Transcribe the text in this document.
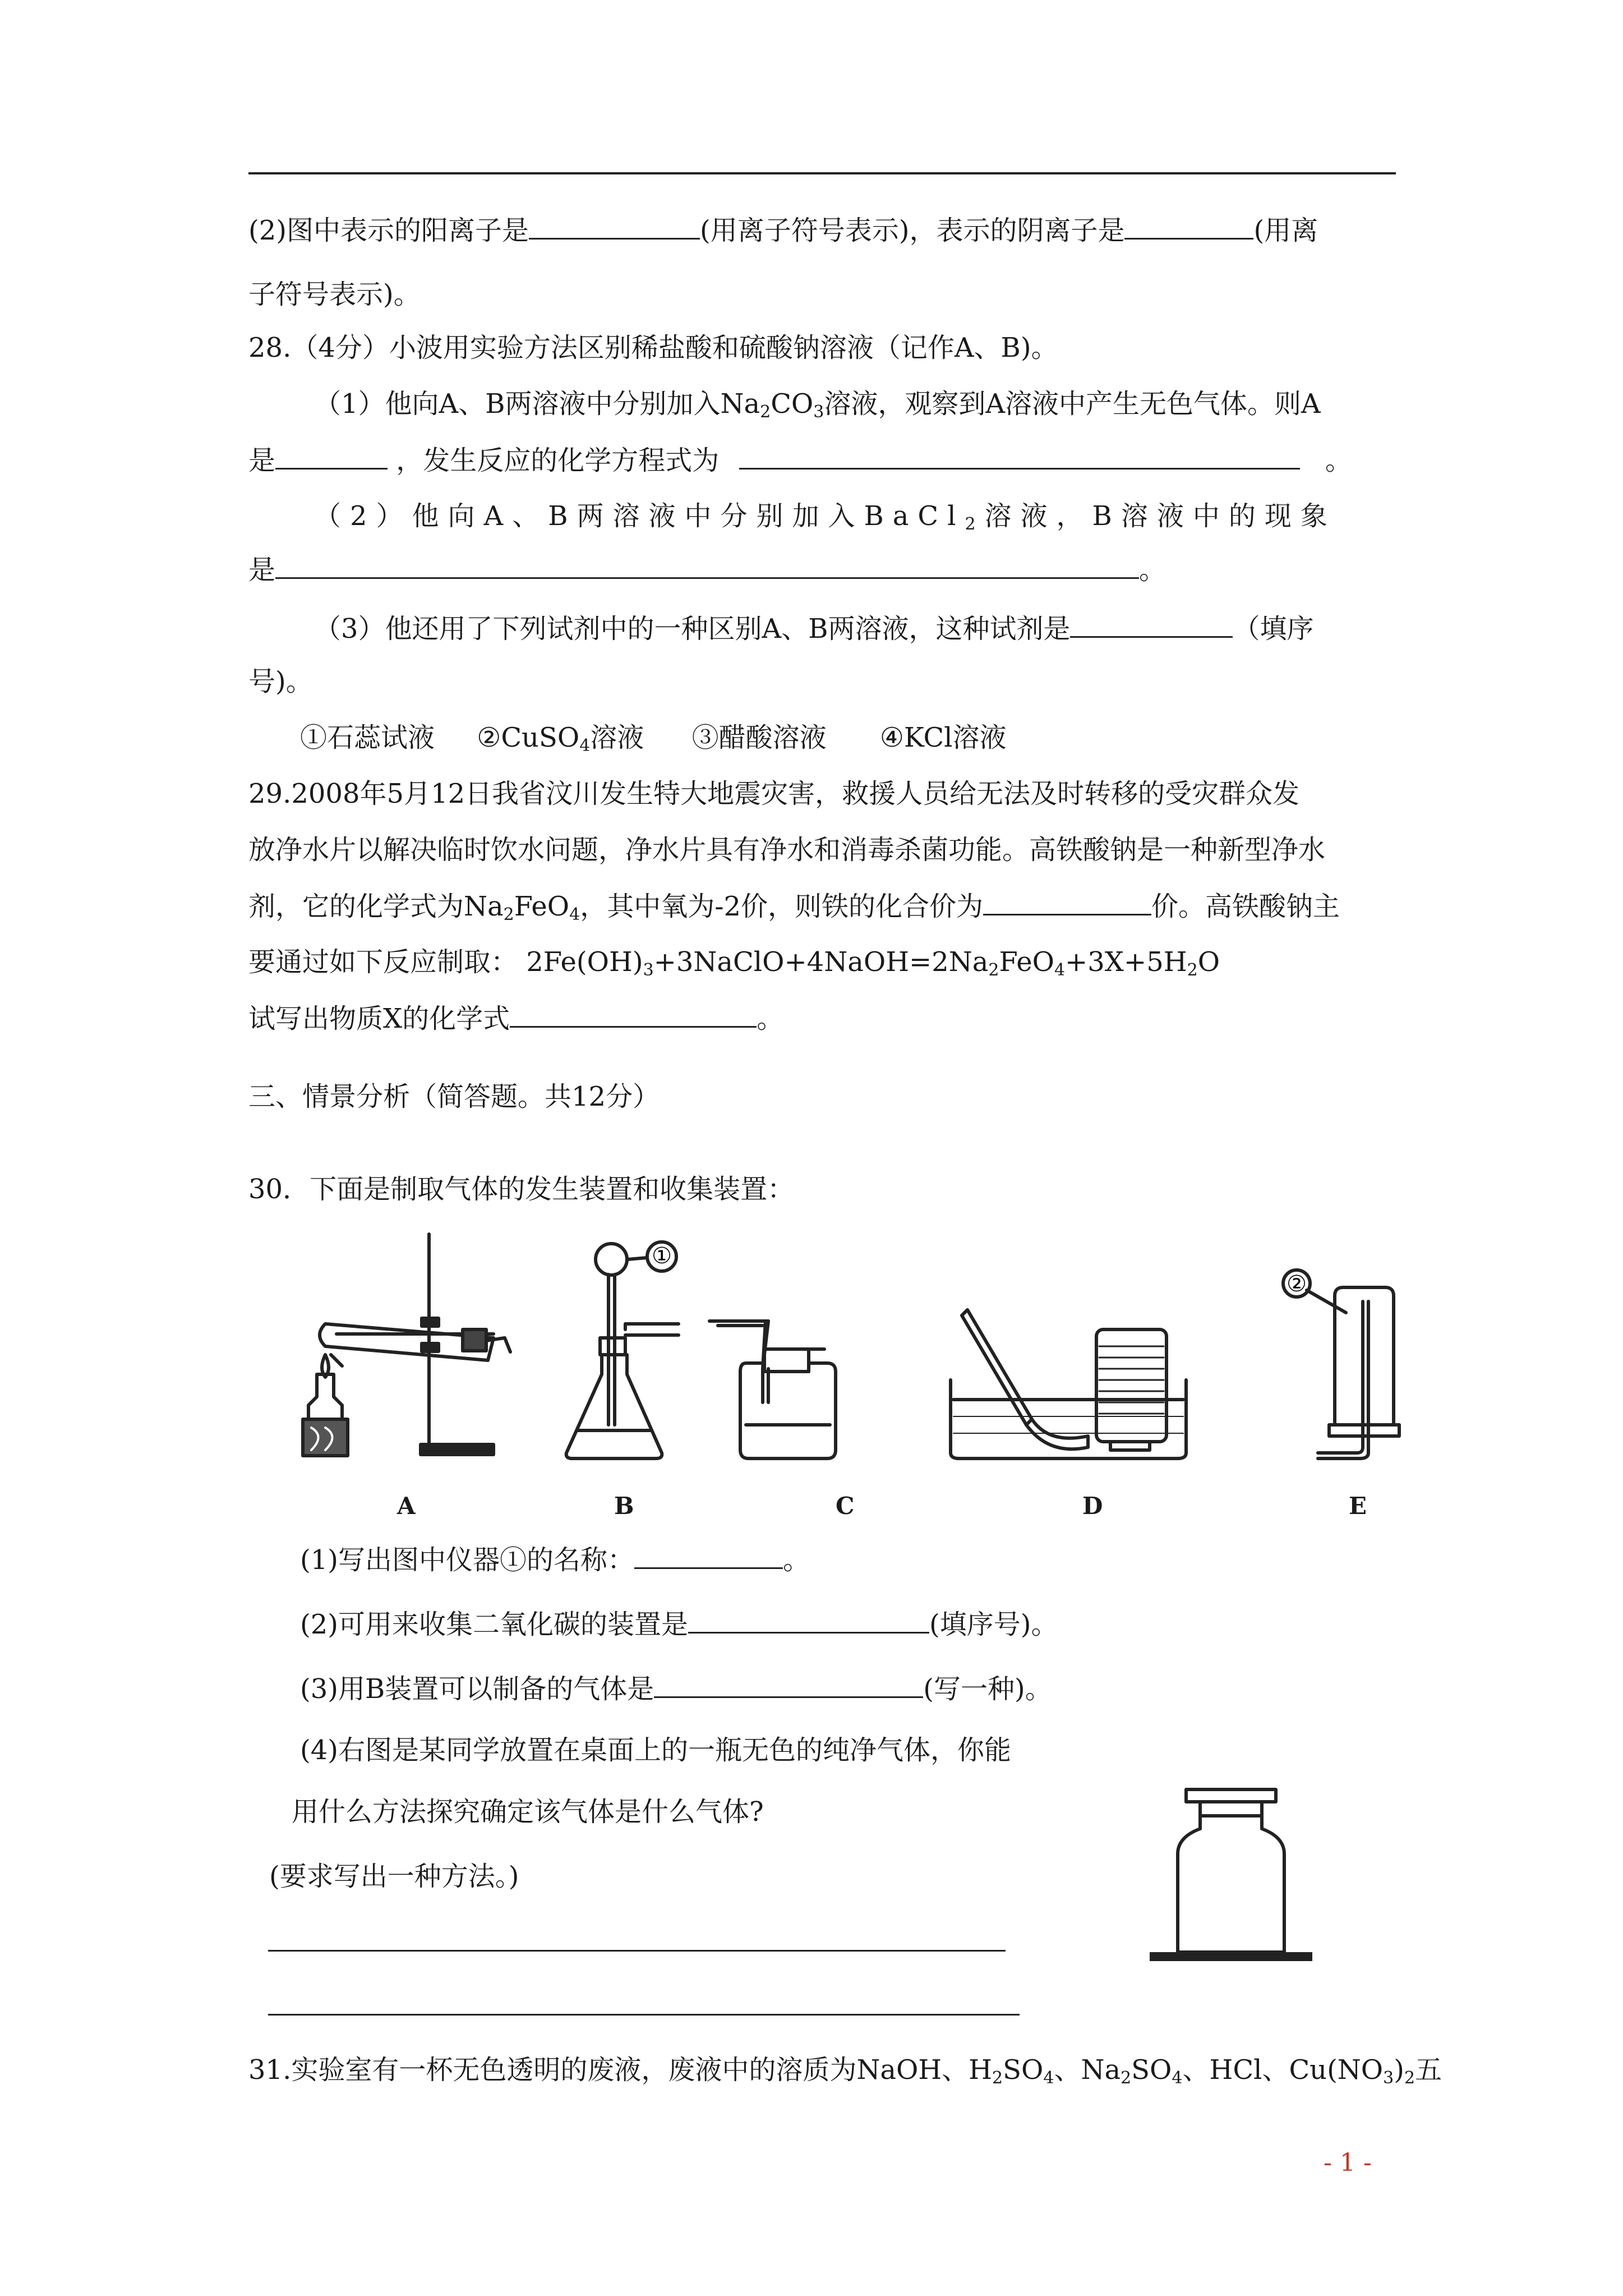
(2)图中表示的阳离子是	(用离子符号表示)，表示的阴离子是	(用离
子符号表示)。
28.（4分）小波用实验方法区别稀盐酸和硫酸钠溶液（记作A、B)。
（1）他向A、B两溶液中分别加入$Na_2CO_3$溶液，观察到A溶液中产生无色气体。则A
是	，发生反应的化学方程式为	。
（2）他向A、B两溶液中分别加入BaCl$_2$溶液，B溶液中的现象
是	。
（3）他还用了下列试剂中的一种区别A、B两溶液，这种试剂是	（填序
号)。
①石蕊试液 ②CuSO$_4$溶液 ③醋酸溶液 ④KCl溶液
29.2008年5月12日我省汶川发生特大地震灾害，救援人员给无法及时转移的受灾群众发
放净水片以解决临时饮水问题，净水片具有净水和消毒杀菌功能。高铁酸钠是一种新型净水
剂，它的化学式为$Na_2FeO_4$，其中氧为-2价，则铁的化合价为	价。高铁酸钠主
要通过如下反应制取： $2Fe(OH)_3+3NaClO+4NaOH=2Na_2FeO_4+3X+5H_2O$
试写出物质X的化学式	。
三、情景分析（简答题。共12分）
30．下面是制取气体的发生装置和收集装置：
①
②
A	B	C	D	E
(1)写出图中仪器①的名称：	。
(2)可用来收集二氧化碳的装置是	(填序号)。
(3)用B装置可以制备的气体是	(写一种)。
(4)右图是某同学放置在桌面上的一瓶无色的纯净气体，你能
用什么方法探究确定该气体是什么气体?
(要求写出一种方法。)
31.实验室有一杯无色透明的废液，废液中的溶质为NaOH、$H_2SO_4$、$Na_2SO_4$、HCl、$Cu(NO_3)_2$五
- 1 -
